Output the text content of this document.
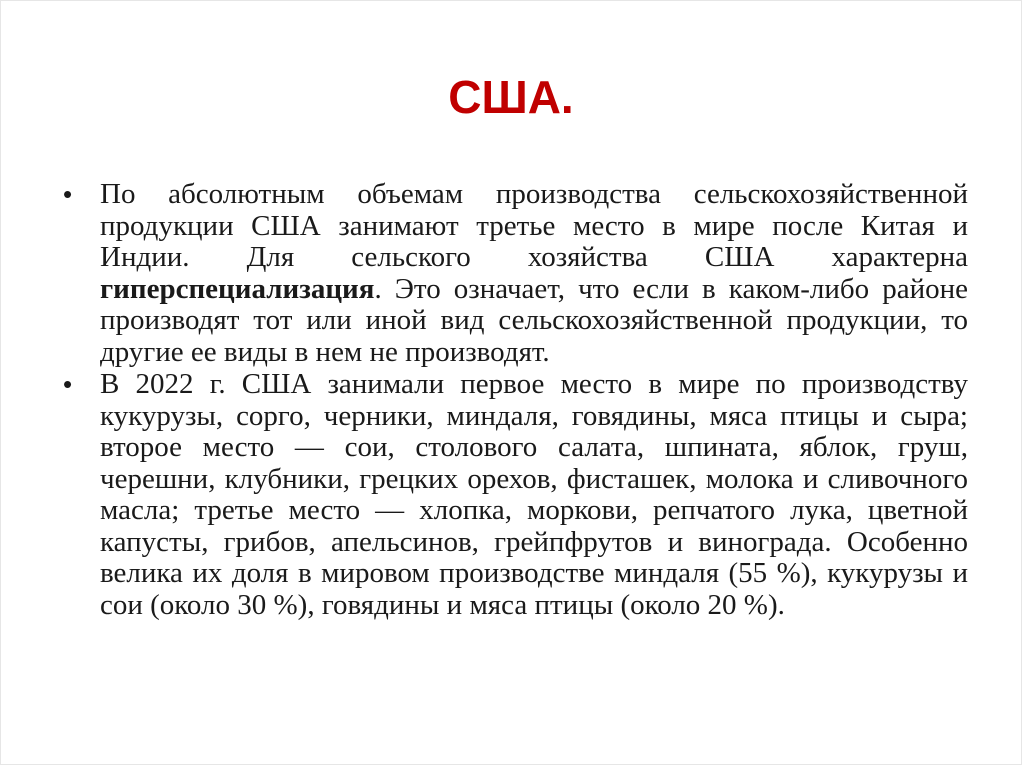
США.
• По абсолютным объемам производства сельскохозяйственной продукции США занимают третье место в мире после Китая и Индии. Для сельского хозяйства США характерна гиперспециализация. Это означает, что если в каком-либо районе производят тот или иной вид сельскохозяйственной продукции, то другие ее виды в нем не производят.
• В 2022 г. США занимали первое место в мире по производству кукурузы, сорго, черники, миндаля, говядины, мяса птицы и сыра; второе место — сои, столового салата, шпината, яблок, груш, черешни, клубники, грецких орехов, фисташек, молока и сливочного масла; третье место — хлопка, моркови, репчатого лука, цветной капусты, грибов, апельсинов, грейпфрутов и винограда. Особенно велика их доля в мировом производстве миндаля (55 %), кукурузы и сои (около 30 %), говядины и мяса птицы (около 20 %).
